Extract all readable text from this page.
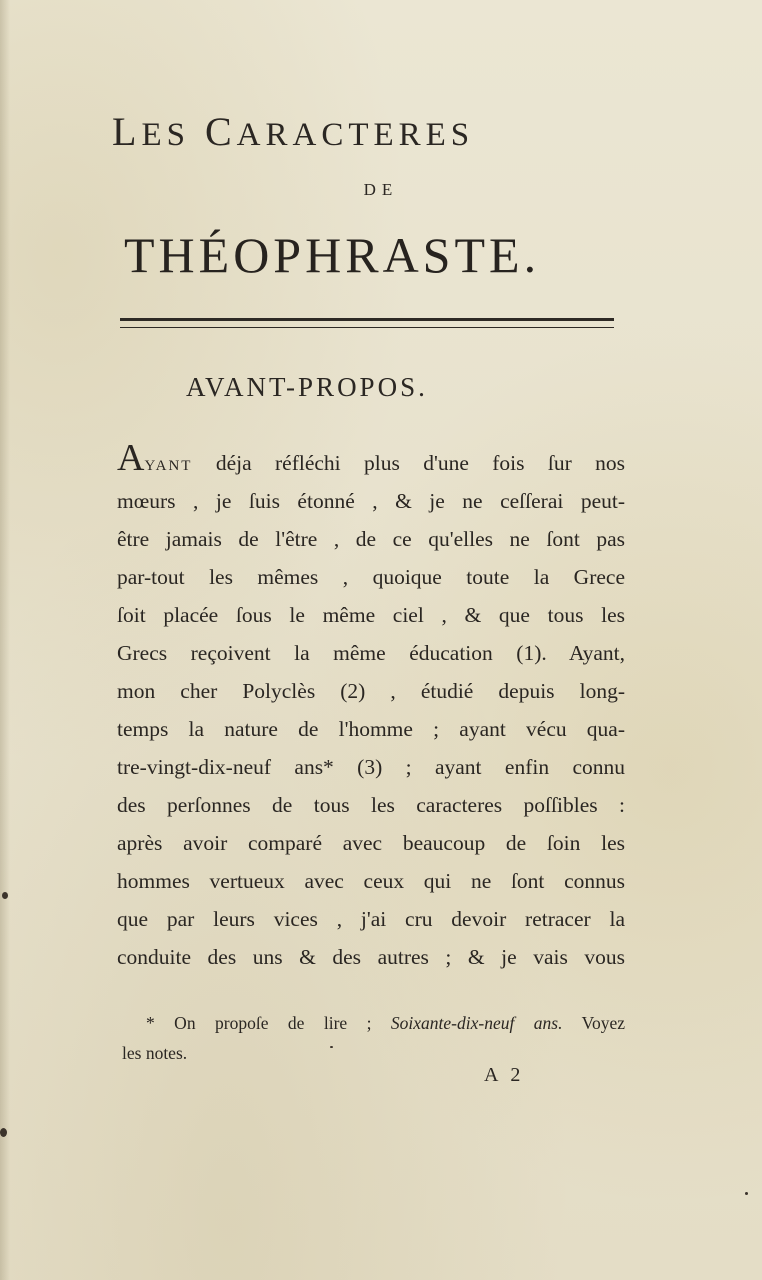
LES CARACTERES
DE
THÉOPHRASTE.
AVANT-PROPOS.
AYANT déja réfléchi plus d'une fois ſur nos
mœurs , je ſuis étonné , & je ne ceſſerai peut-
être jamais de l'être , de ce qu'elles ne ſont pas
par-tout les mêmes , quoique toute la Grece
ſoit placée ſous le même ciel , & que tous les
Grecs reçoivent la même éducation (1). Ayant,
mon cher Polyclès (2) , étudié depuis long-
temps la nature de l'homme ; ayant vécu qua-
tre-vingt-dix-neuf ans* (3) ; ayant enfin connu
des perſonnes de tous les caracteres poſſibles :
après avoir comparé avec beaucoup de ſoin les
hommes vertueux avec ceux qui ne ſont connus
que par leurs vices , j'ai cru devoir retracer la
conduite des uns & des autres ; & je vais vous
* On propoſe de lire ; Soixante-dix-neuf ans. Voyez
les notes.
A 2
